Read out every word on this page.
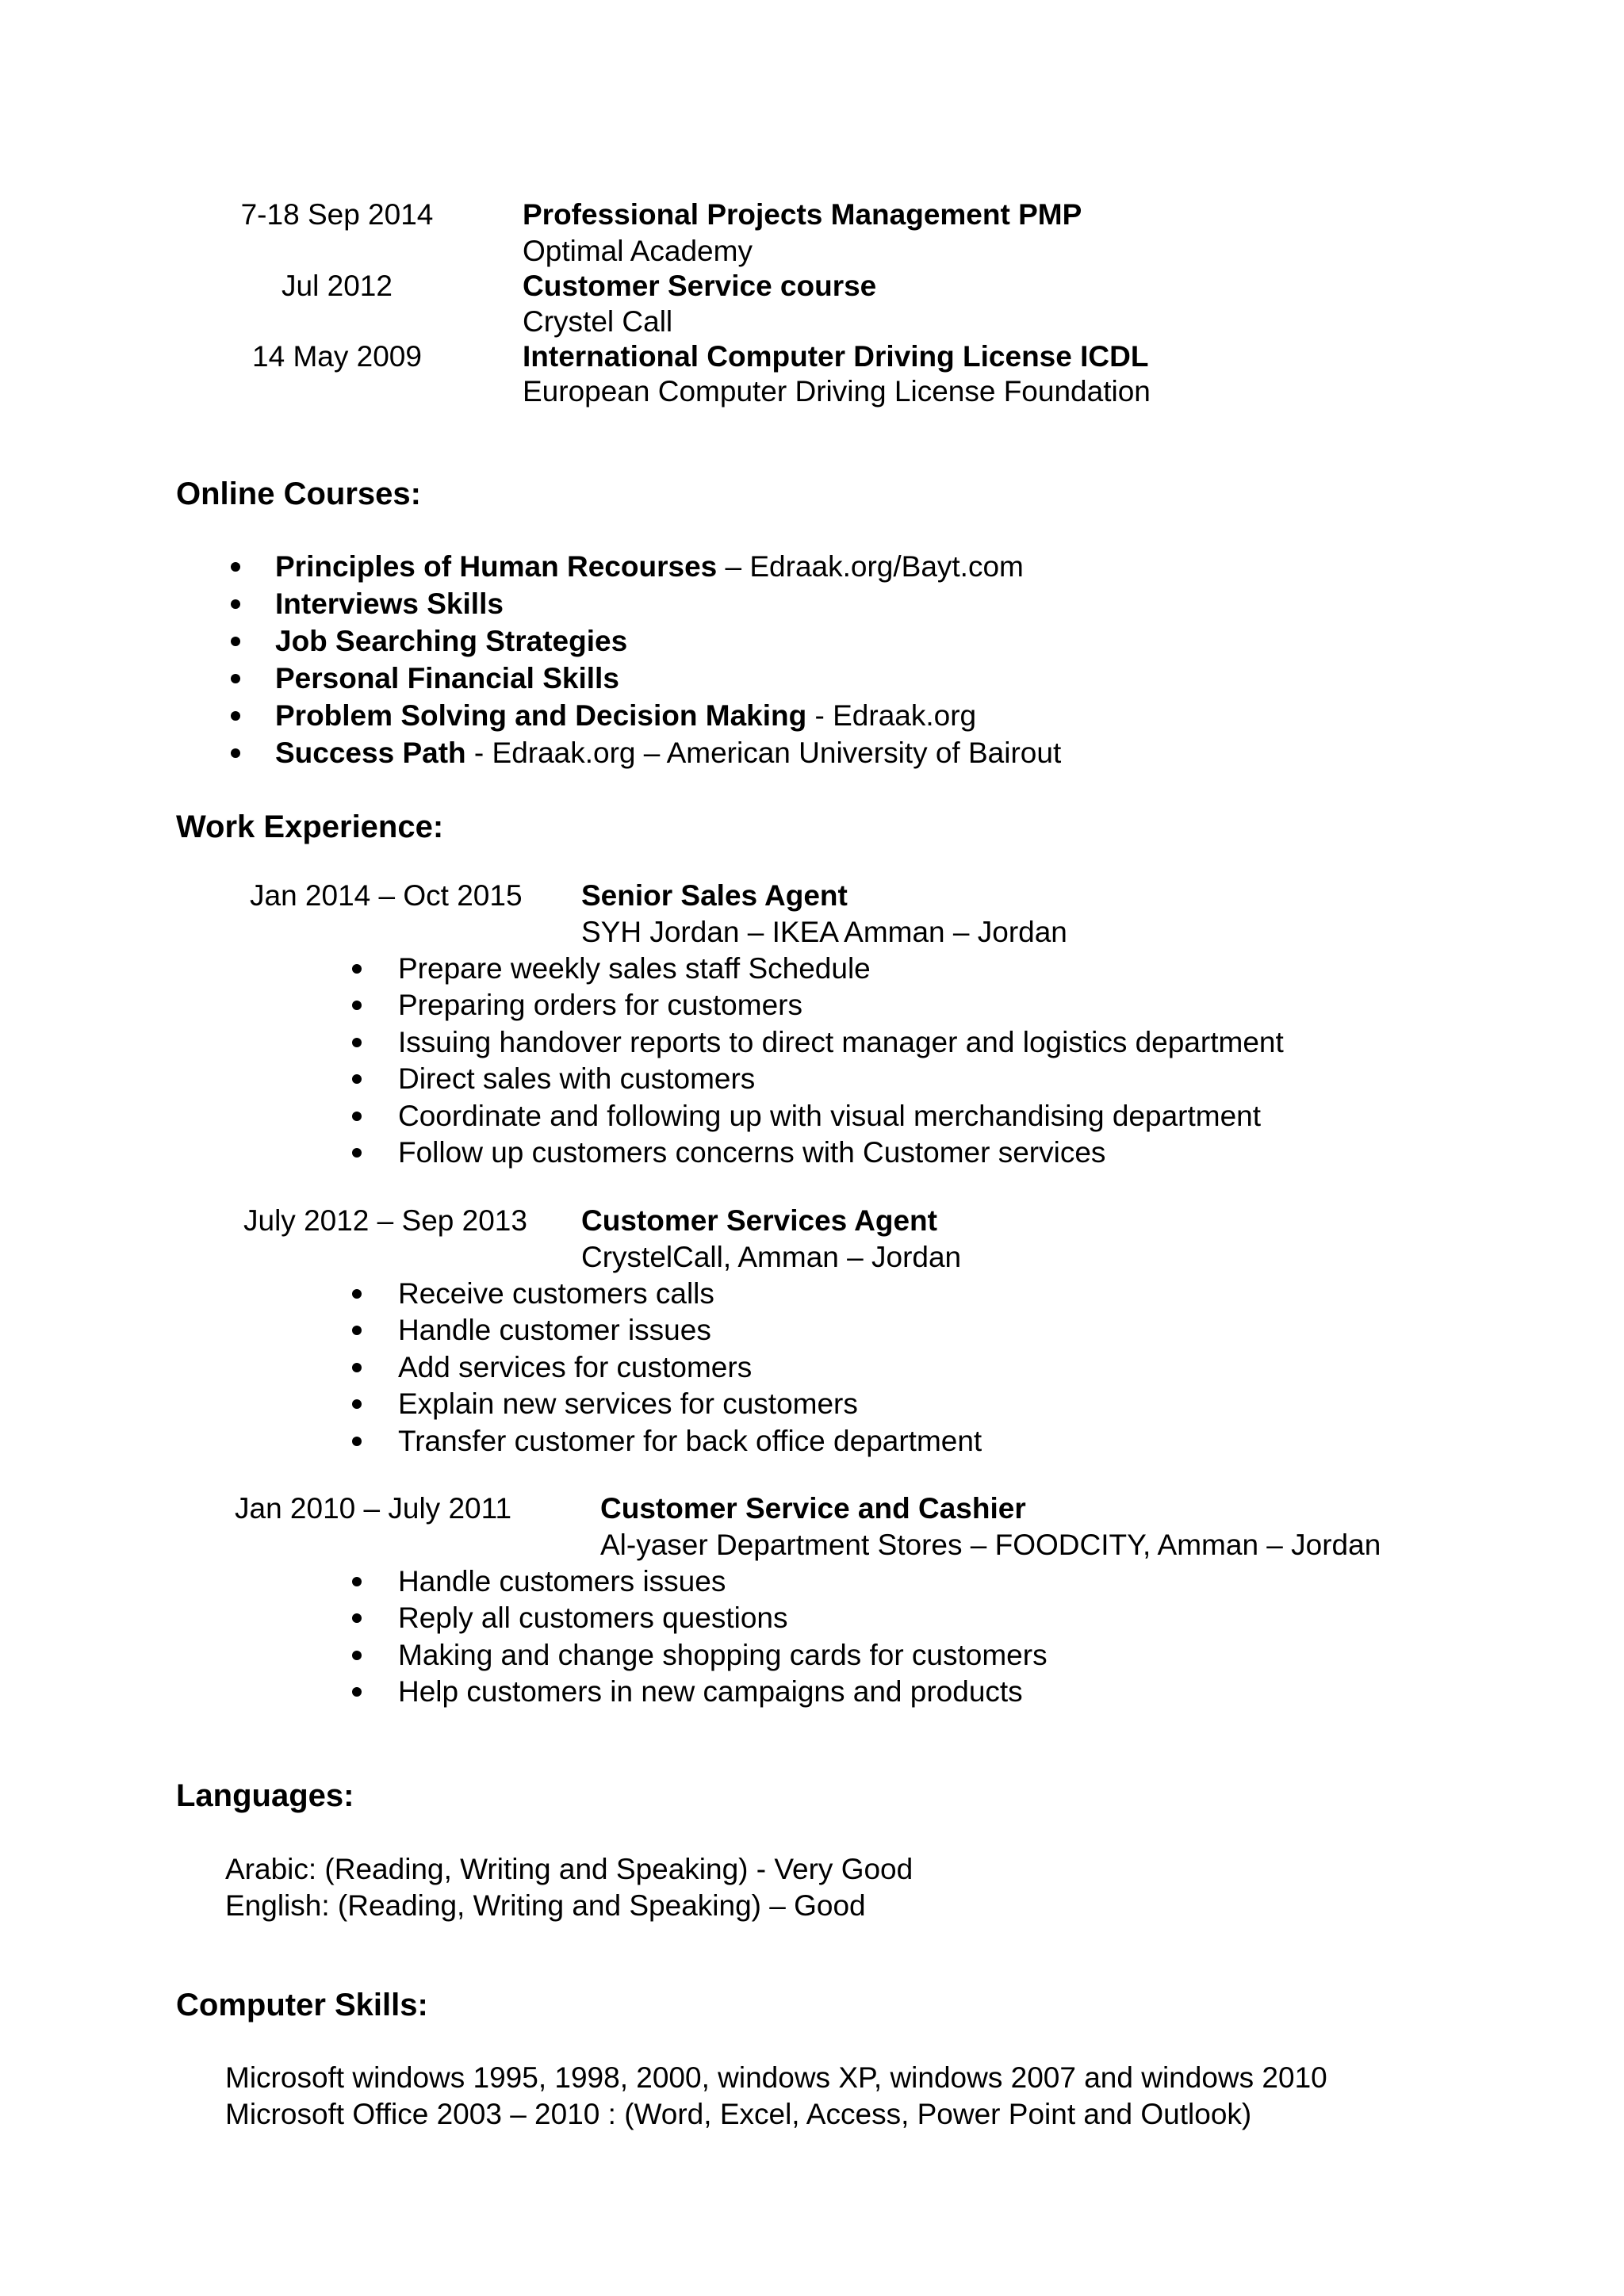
7-18 Sep 2014	Professional Projects Management PMP
Optimal Academy
Jul 2012	Customer Service course
Crystel Call
14 May 2009	International Computer Driving License ICDL
European Computer Driving License Foundation
Online Courses:
Principles of Human Recourses – Edraak.org/Bayt.com
Interviews Skills
Job Searching Strategies
Personal Financial Skills
Problem Solving and Decision Making - Edraak.org
Success Path - Edraak.org – American University of Bairout
Work Experience:
Jan 2014 – Oct 2015 Senior Sales Agent
SYH Jordan – IKEA Amman – Jordan
Prepare weekly sales staff Schedule
Preparing orders for customers
Issuing handover reports to direct manager and logistics department
Direct sales with customers
Coordinate and following up with visual merchandising department
Follow up customers concerns with Customer services
July 2012 – Sep 2013 Customer Services Agent
CrystelCall, Amman – Jordan
Receive customers calls
Handle customer issues
Add services for customers
Explain new services for customers
Transfer customer for back office department
Jan 2010 – July 2011	Customer Service and Cashier
Al-yaser Department Stores – FOODCITY, Amman – Jordan
Handle customers issues
Reply all customers questions
Making and change shopping cards for customers
Help customers in new campaigns and products
Languages:
Arabic: (Reading, Writing and Speaking) - Very Good
English: (Reading, Writing and Speaking) – Good
Computer Skills:
Microsoft windows 1995, 1998, 2000, windows XP, windows 2007 and windows 2010
Microsoft Office 2003 – 2010 : (Word, Excel, Access, Power Point and Outlook)
